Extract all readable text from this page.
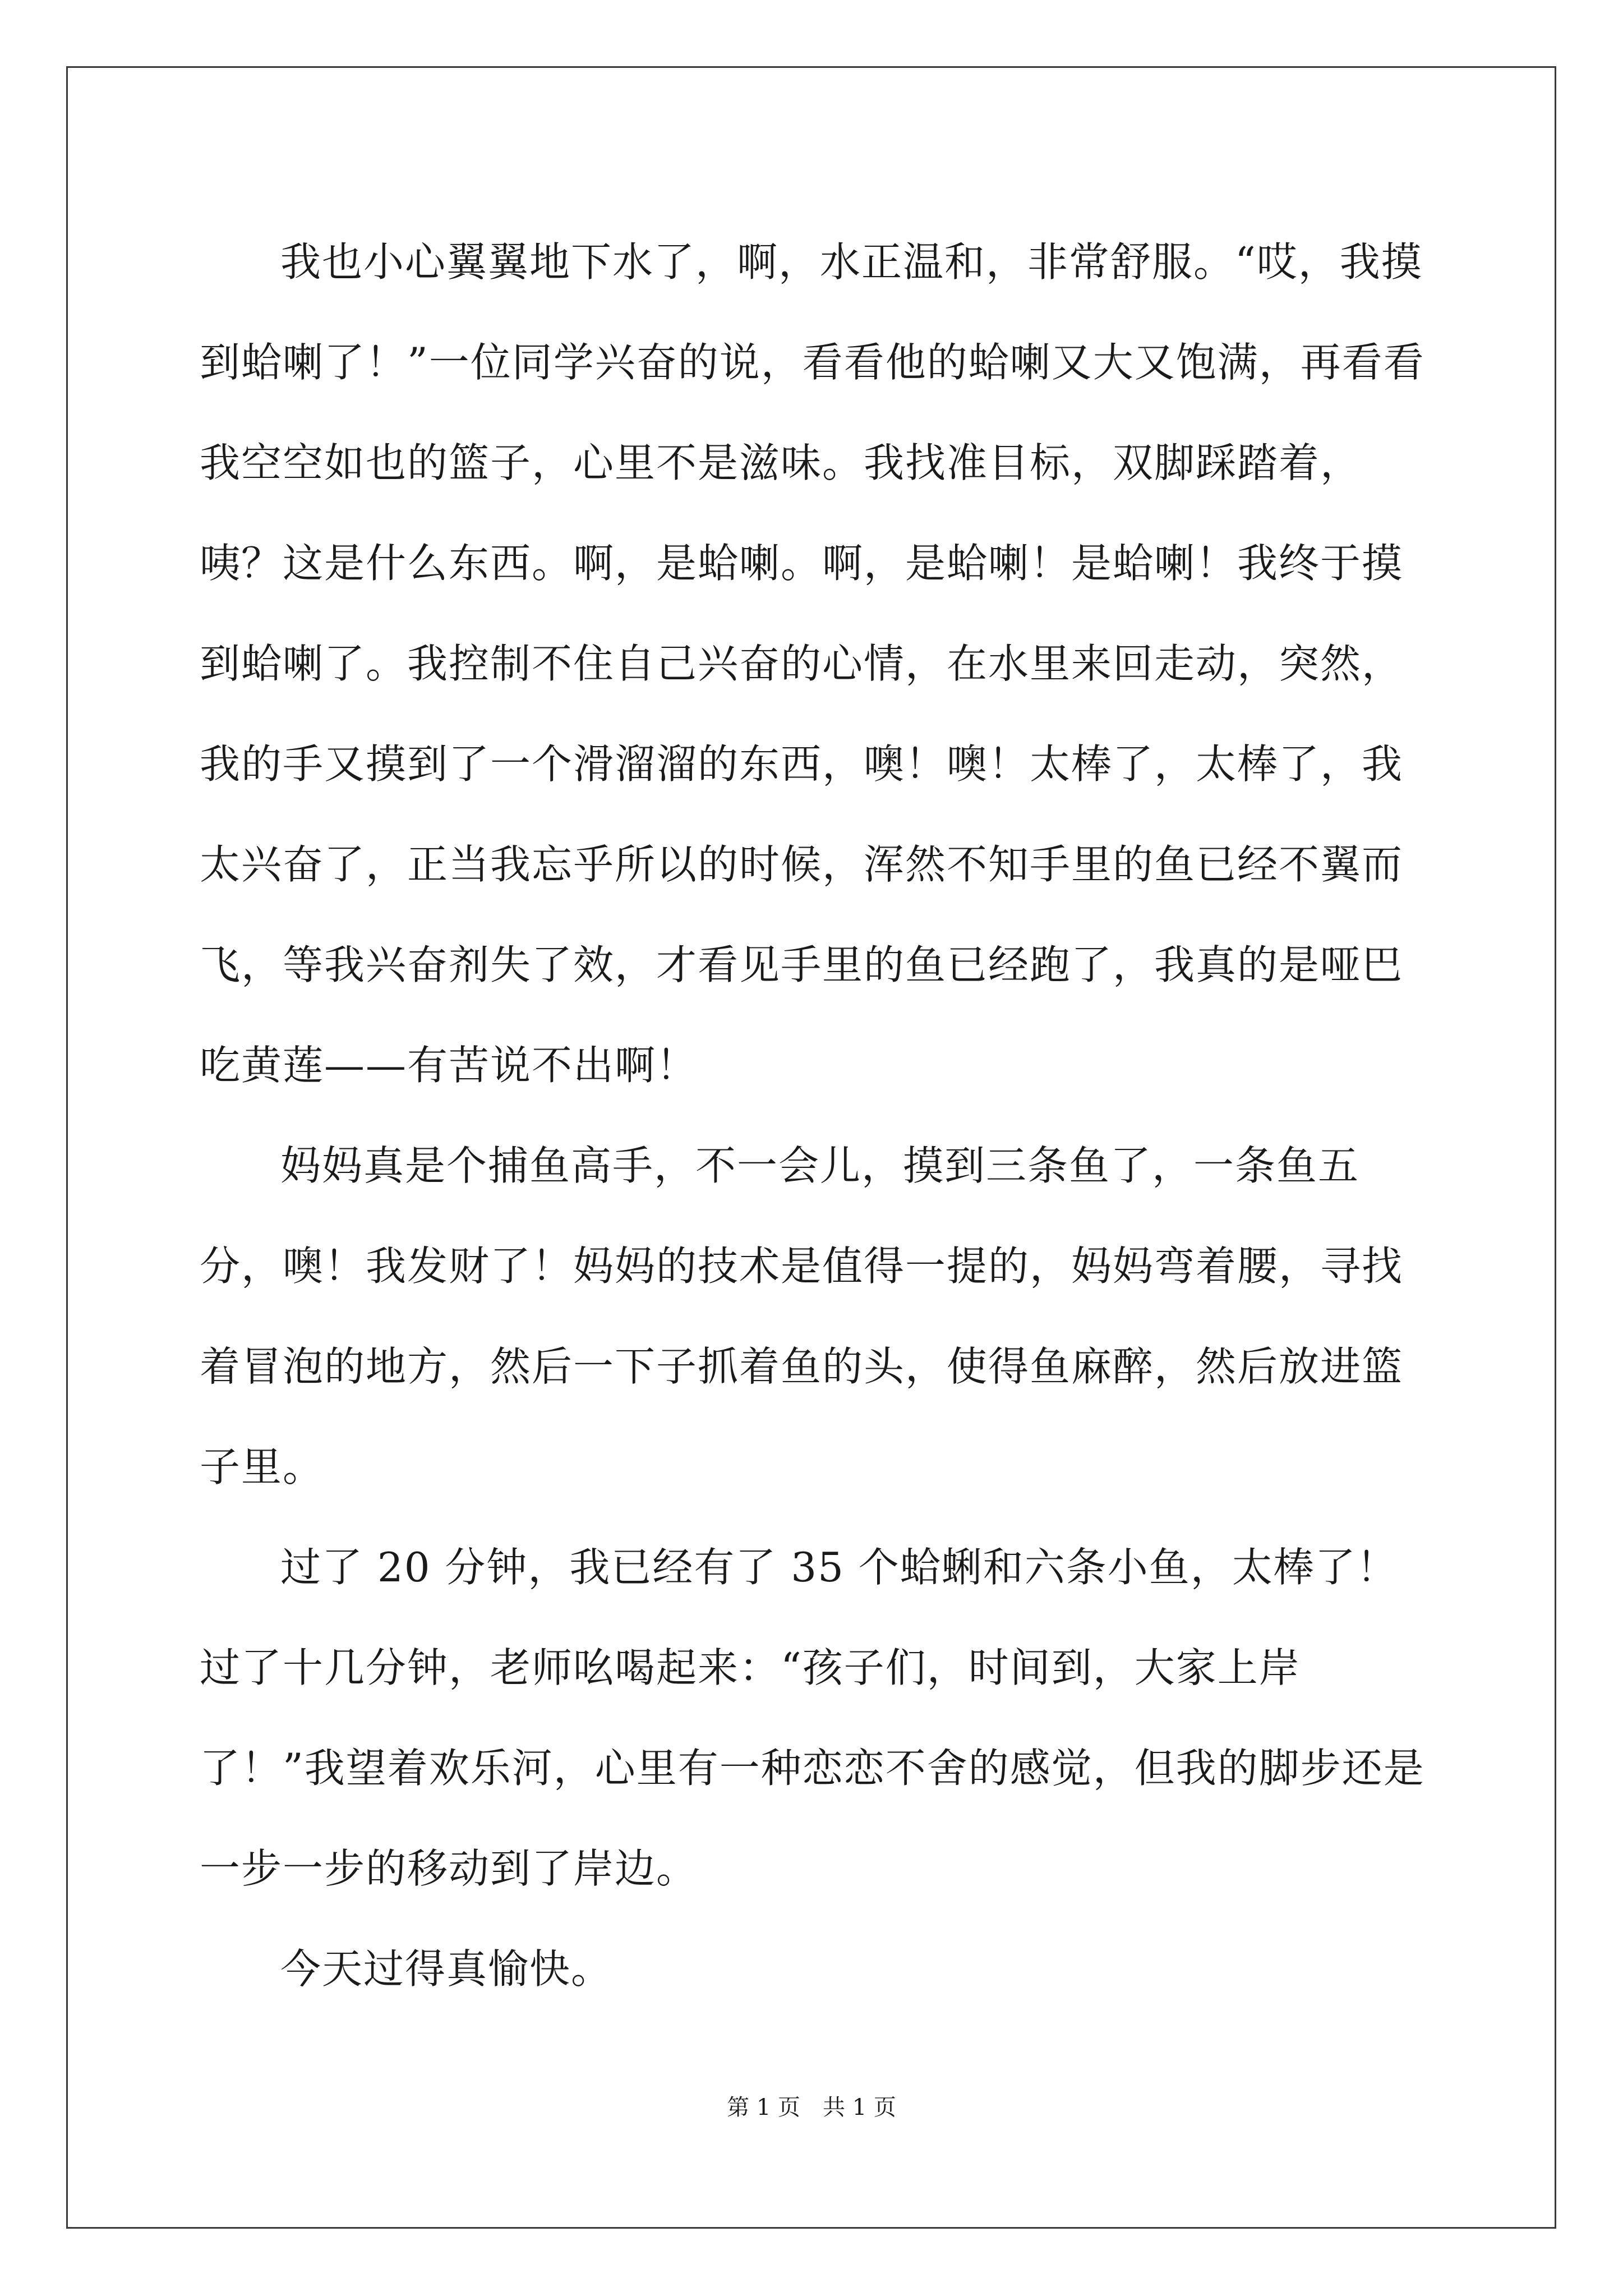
我也小心翼翼地下水了，啊，水正温和，非常舒服。“哎，我摸到蛤喇了！”一位同学兴奋的说，看看他的蛤喇又大又饱满，再看看我空空如也的篮子，心里不是滋味。我找准目标，双脚踩踏着，咦？这是什么东西。啊，是蛤喇。啊，是蛤喇！是蛤喇！我终于摸到蛤喇了。我控制不住自己兴奋的心情，在水里来回走动，突然，我的手又摸到了一个滑溜溜的东西，噢！噢！太棒了，太棒了，我太兴奋了，正当我忘乎所以的时候，浑然不知手里的鱼已经不翼而飞，等我兴奋剂失了效，才看见手里的鱼已经跑了，我真的是哑巴吃黄莲——有苦说不出啊！

妈妈真是个捕鱼高手，不一会儿，摸到三条鱼了，一条鱼五分，噢！我发财了！妈妈的技术是值得一提的，妈妈弯着腰，寻找着冒泡的地方，然后一下子抓着鱼的头，使得鱼麻醉，然后放进篮子里。

过了 20 分钟，我已经有了 35 个蛤蜊和六条小鱼，太棒了！过了十几分钟，老师吆喝起来：“孩子们，时间到，大家上岸了！”我望着欢乐河，心里有一种恋恋不舍的感觉，但我的脚步还是一步一步的移动到了岸边。

今天过得真愉快。

第 1 页　共 1 页
